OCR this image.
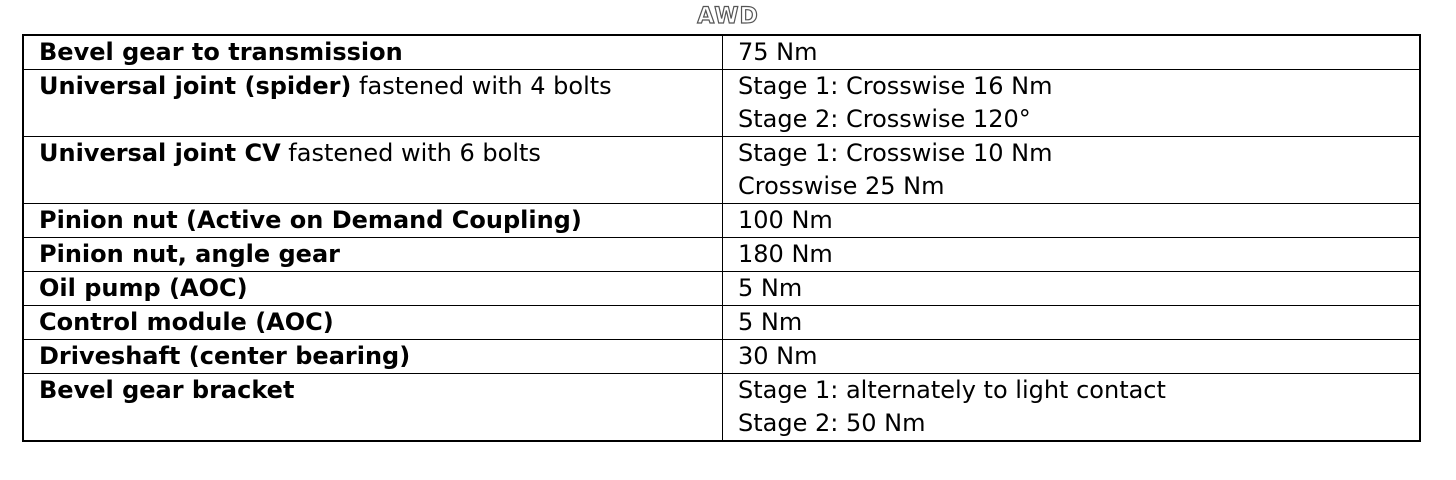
AWD
Bevel gear to transmission	75 Nm

Universal joint (spider) fastened with 4 bolts	Stage 1: Crosswise 16 Nm
Stage 2: Crosswise 120°

Universal joint CV fastened with 6 bolts	Stage 1: Crosswise 10 Nm
Crosswise 25 Nm

Pinion nut (Active on Demand Coupling)	100 Nm

Pinion nut, angle gear	180 Nm

Oil pump (AOC)	5 Nm

Control module (AOC)	5 Nm

Driveshaft (center bearing)	30 Nm

Bevel gear bracket	Stage 1: alternately to light contact
Stage 2: 50 Nm
